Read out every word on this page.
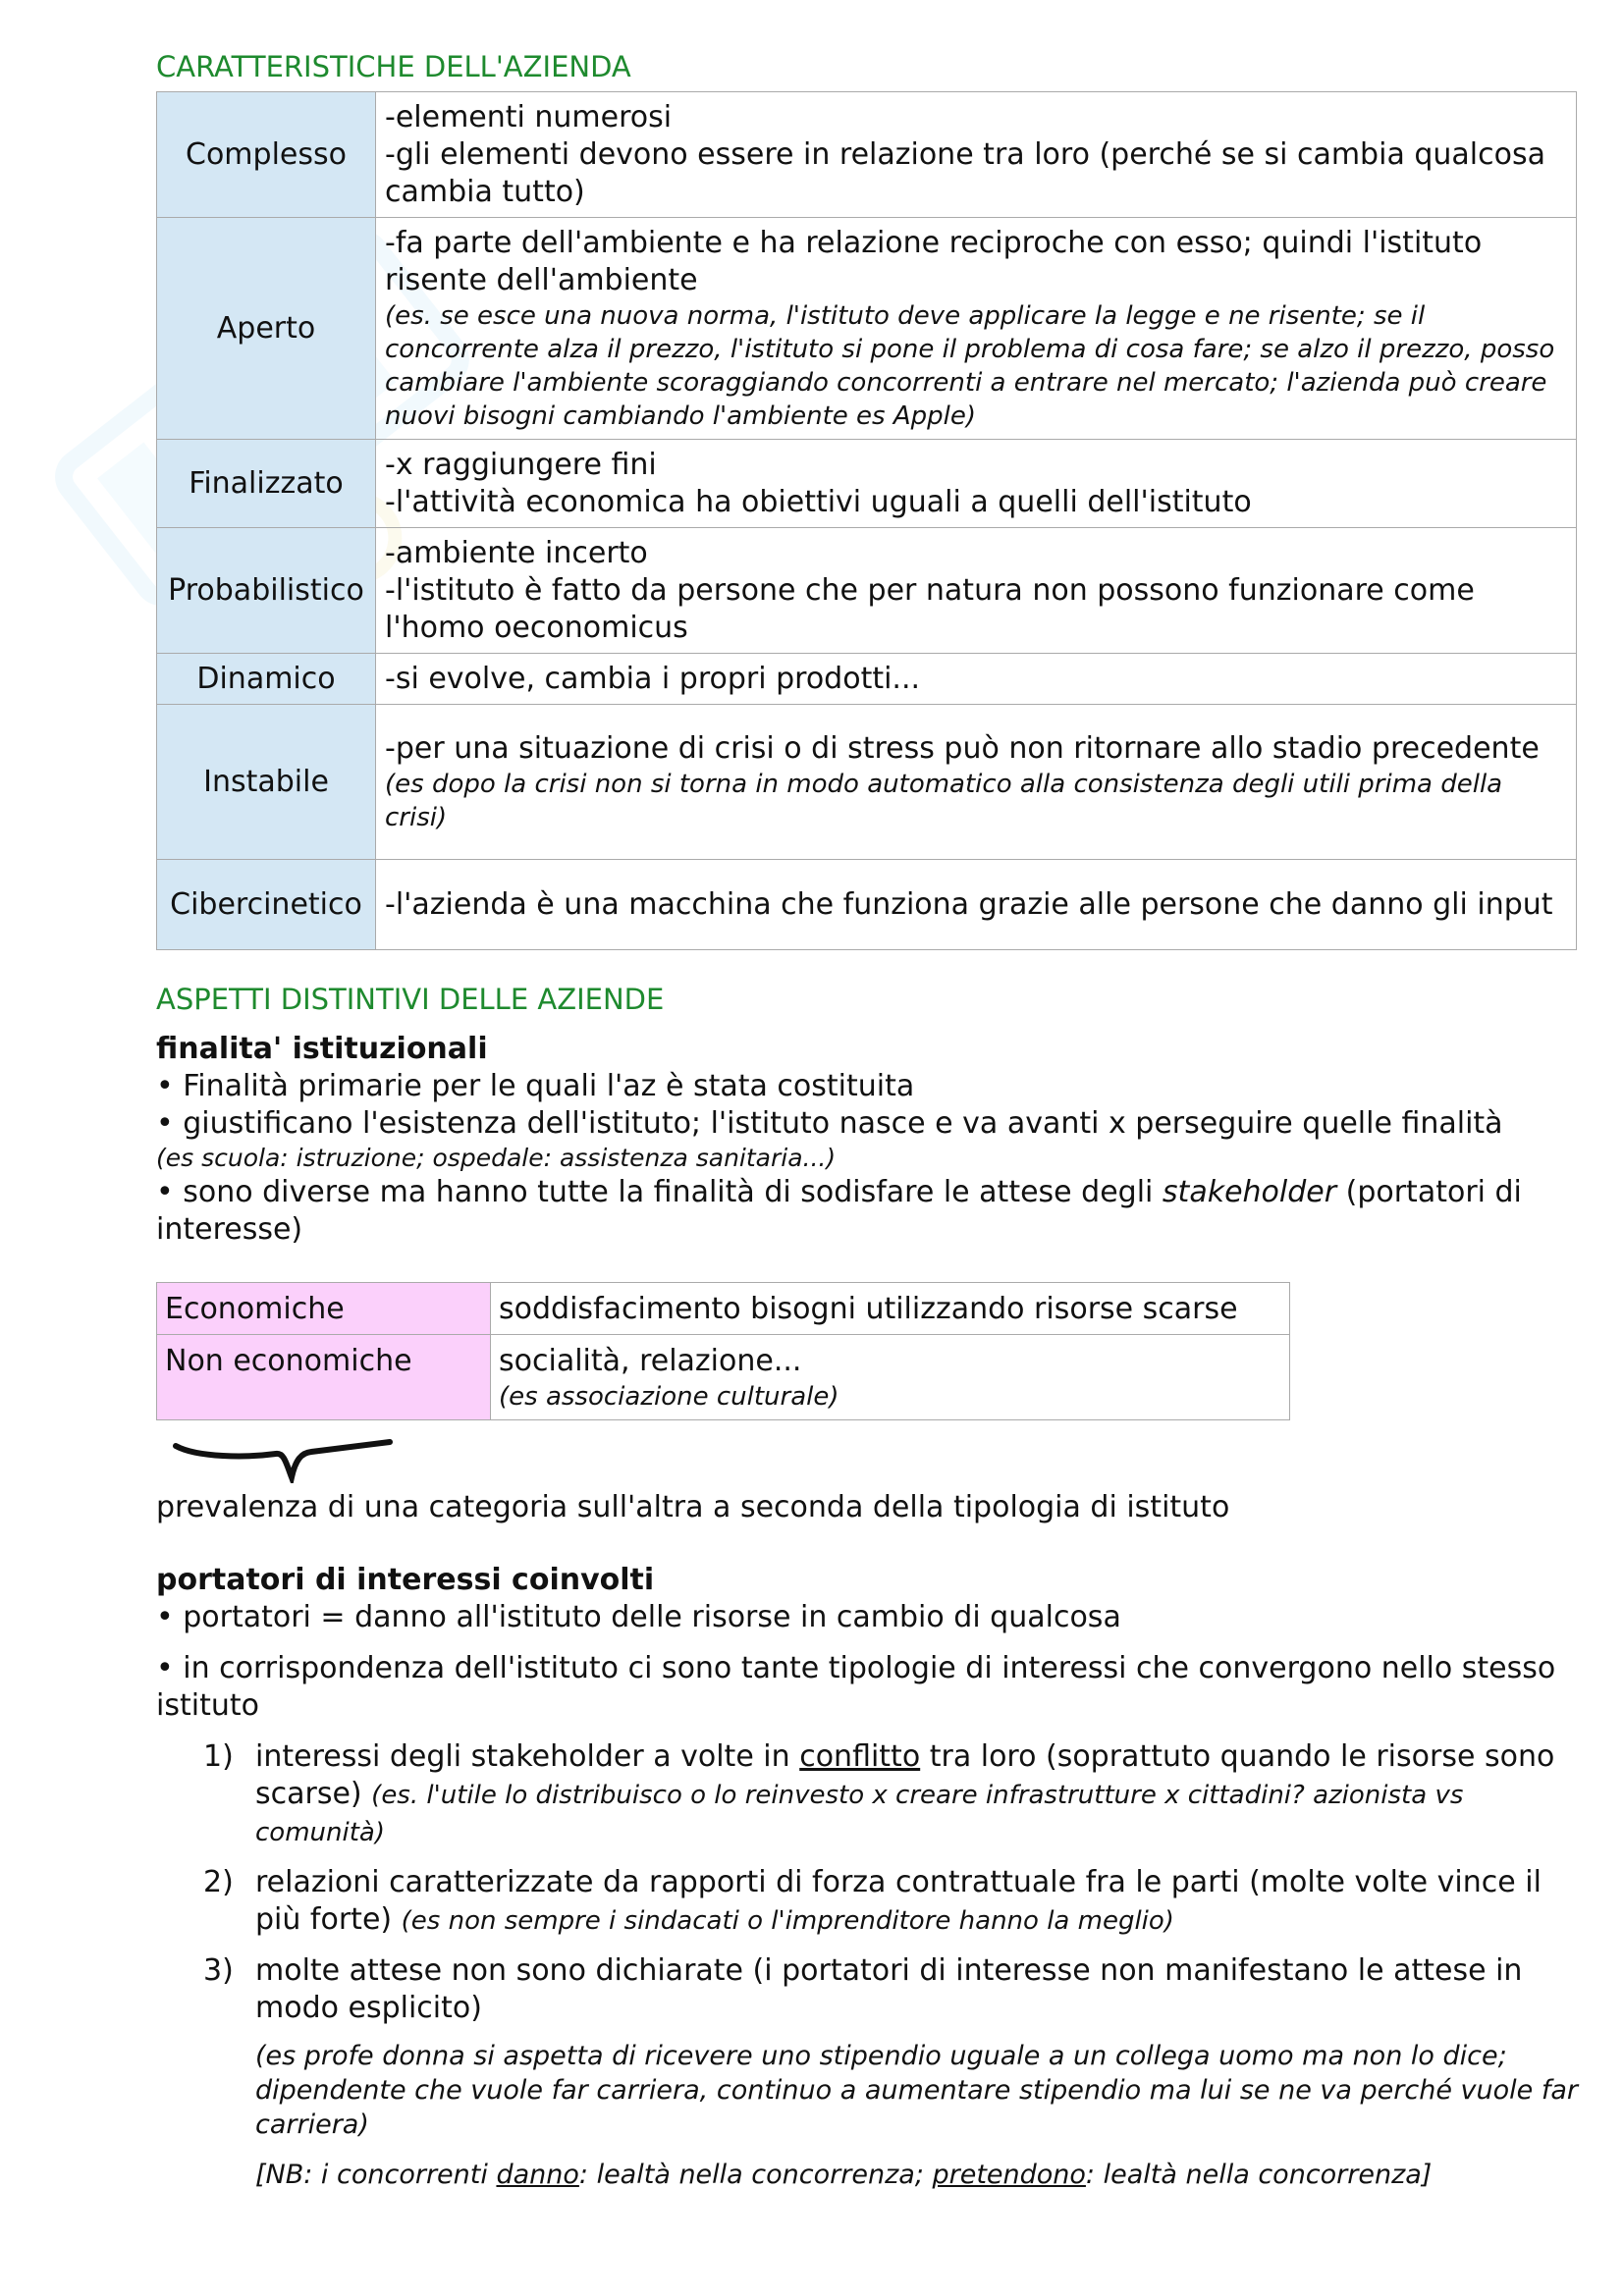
CARATTERISTICHE DELL'AZIENDA
Complesso	-elementi numerosi
-gli elementi devono essere in relazione tra loro (perché se si cambia qualcosa cambia tutto)

Aperto	-fa parte dell'ambiente e ha relazione reciproche con esso; quindi l'istituto risente dell'ambiente
(es. se esce una nuova norma, l'istituto deve applicare la legge e ne risente; se il concorrente alza il prezzo, l'istituto si pone il problema di cosa fare; se alzo il prezzo, posso cambiare l'ambiente scoraggiando concorrenti a entrare nel mercato; l'azienda può creare nuovi bisogni cambiando l'ambiente es Apple)

Finalizzato	-x raggiungere fini
-l'attività economica ha obiettivi uguali a quelli dell'istituto

Probabilistico	-ambiente incerto
-l'istituto è fatto da persone che per natura non possono funzionare come l'homo oeconomicus

Dinamico	-si evolve, cambia i propri prodotti...

Instabile	-per una situazione di crisi o di stress può non ritornare allo stadio precedente
(es dopo la crisi non si torna in modo automatico alla consistenza degli utili prima della crisi)

Cibercinetico	-l'azienda è una macchina che funziona grazie alle persone che danno gli input
ASPETTI DISTINTIVI DELLE AZIENDE

finalita' istituzionali

• Finalità primarie per le quali l'az è stata costituita

• giustificano l'esistenza dell'istituto; l'istituto nasce e va avanti x perseguire quelle finalità

(es scuola: istruzione; ospedale: assistenza sanitaria...)

• sono diverse ma hanno tutte la finalità di sodisfare le attese degli stakeholder (portatori di interesse)

Economiche	soddisfacimento bisogni utilizzando risorse scarse
Non economiche	socialità, relazione...
(es associazione culturale)

prevalenza di una categoria sull'altra a seconda della tipologia di istituto

portatori di interessi coinvolti

• portatori = danno all'istituto delle risorse in cambio di qualcosa

• in corrispondenza dell'istituto ci sono tante tipologie di interessi che convergono nello stesso istituto

1) interessi degli stakeholder a volte in conflitto tra loro (soprattuto quando le risorse sono scarse) (es. l'utile lo distribuisco o lo reinvesto x creare infrastrutture x cittadini? azionista vs comunità)
2) relazioni caratterizzate da rapporti di forza contrattuale fra le parti (molte volte vince il più forte) (es non sempre i sindacati o l'imprenditore hanno la meglio)
3) molte attese non sono dichiarate (i portatori di interesse non manifestano le attese in modo esplicito)
(es profe donna si aspetta di ricevere uno stipendio uguale a un collega uomo ma non lo dice; dipendente che vuole far carriera, continuo a aumentare stipendio ma lui se ne va perché vuole far carriera)
[NB: i concorrenti danno: lealtà nella concorrenza; pretendono: lealtà nella concorrenza]
